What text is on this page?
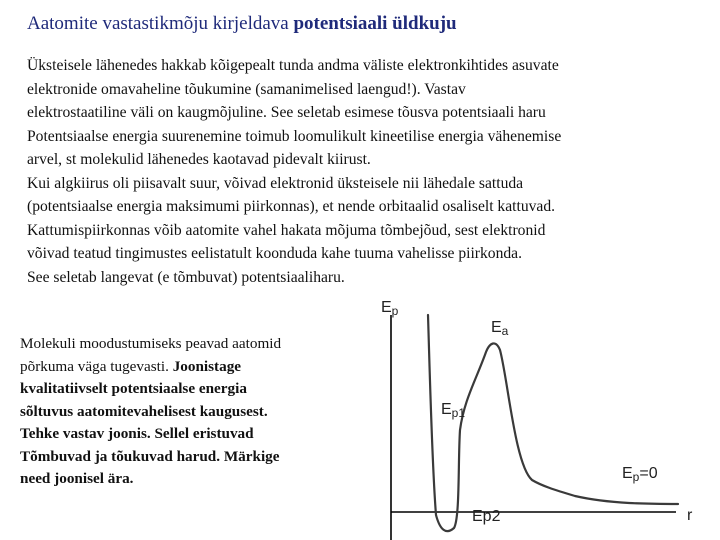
Aatomite vastastikmõju kirjeldava potentsiaali üldkuju
Üksteisele lähenedes hakkab kõigepealt tunda andma väliste elektronkihtides asuvate
elektronide omavaheline tõukumine (samanimelised laengud!). Vastav
elektrostaatiline väli on kaugmõjuline. See seletab esimese tõusva potentsiaali haru
Potentsiaalse energia suurenemine toimub loomulikult kineetilise energia vähenemise
arvel, st molekulid lähenedes kaotavad pidevalt kiirust.
Kui algkiirus oli piisavalt suur, võivad elektronid üksteisele nii lähedale sattuda
(potentsiaalse energia maksimumi piirkonnas), et nende orbitaalid osaliselt kattuvad.
Kattumispiirkonnas võib aatomite vahel hakata mõjuma tõmbejõud, sest elektronid
võivad teatud tingimustes eelistatult koonduda kahe tuuma vahelisse piirkonda.
See seletab langevat (e tõmbuvat) potentsiaaliharu.
Molekuli moodustumiseks peavad aatomid
põrkuma väga tugevasti. Joonistage
kvalitatiivselt potentsiaalse energia
sõltuvus aatomitevahelisest kaugusest.
Tehke vastav joonis. Sellel eristuvad
Tõmbuvad ja tõukuvad harud. Märkige
need joonisel ära.
Ep
Ea
Ep1
Ep=0
Ep2	r
